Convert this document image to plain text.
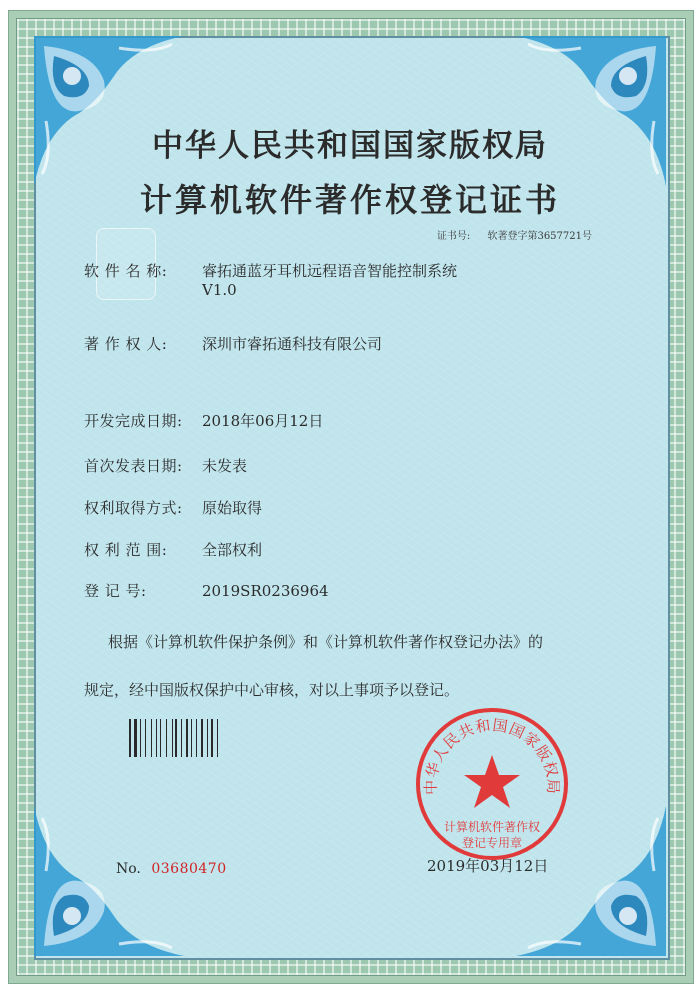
中华人民共和国国家版权局
计算机软件著作权登记证书
证书号: 软著登字第3657721号
软 件 名 称:	睿拓通蓝牙耳机远程语音智能控制系统
V1.0
著 作 权 人:	深圳市睿拓通科技有限公司
开发完成日期:	2018年06月12日
首次发表日期:	未发表
权利取得方式:	原始取得
权 利 范 围:	全部权利
登 记 号:	2019SR0236964
根据《计算机软件保护条例》和《计算机软件著作权登记办法》的
规定，经中国版权保护中心审核，对以上事项予以登记。
中华人民共和国国家版权局
计算机软件著作权
登记专用章
No. 03680470	2019年03月12日
